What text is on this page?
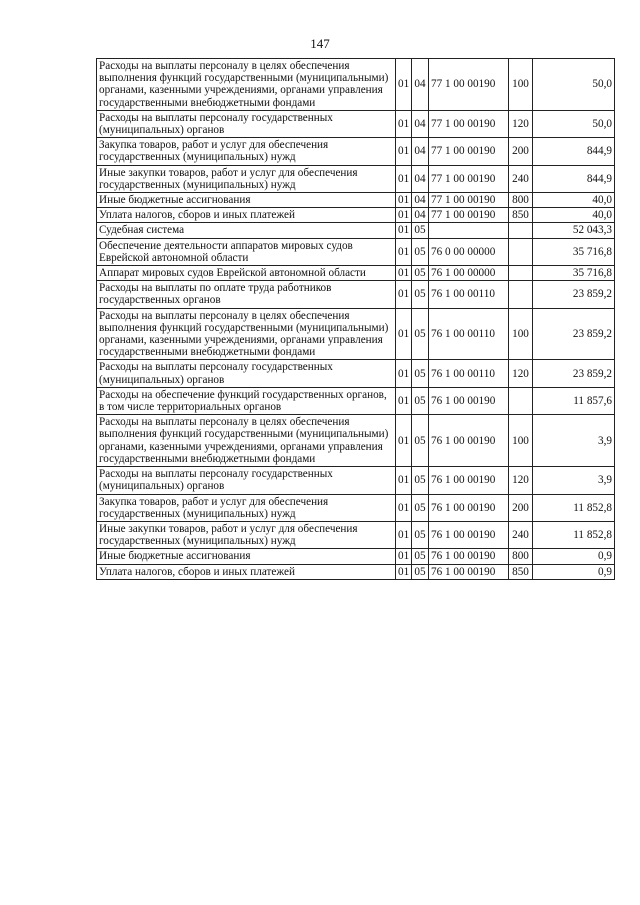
147
Расходы на выплаты персоналу в целях обеспечения выполнения функций государственными (муниципальными) органами, казенными учреждениями, органами управления государственными внебюджетными фондами	01	04	77 1 00 00190	100	50,0
Расходы на выплаты персоналу государственных (муниципальных) органов	01	04	77 1 00 00190	120	50,0
Закупка товаров, работ и услуг для обеспечения государственных (муниципальных) нужд	01	04	77 1 00 00190	200	844,9
Иные закупки товаров, работ и услуг для обеспечения государственных (муниципальных) нужд	01	04	77 1 00 00190	240	844,9
Иные бюджетные ассигнования	01	04	77 1 00 00190	800	40,0
Уплата налогов, сборов и иных платежей	01	04	77 1 00 00190	850	40,0
Судебная система	01	05			52 043,3
Обеспечение деятельности аппаратов мировых судов Еврейской автономной области	01	05	76 0 00 00000		35 716,8
Аппарат мировых судов Еврейской автономной области	01	05	76 1 00 00000		35 716,8
Расходы на выплаты по оплате труда работников государственных органов	01	05	76 1 00 00110		23 859,2
Расходы на выплаты персоналу в целях обеспечения выполнения функций государственными (муниципальными) органами, казенными учреждениями, органами управления государственными внебюджетными фондами	01	05	76 1 00 00110	100	23 859,2
Расходы на выплаты персоналу государственных (муниципальных) органов	01	05	76 1 00 00110	120	23 859,2
Расходы на обеспечение функций государственных органов, в том числе территориальных органов	01	05	76 1 00 00190		11 857,6
Расходы на выплаты персоналу в целях обеспечения выполнения функций государственными (муниципальными) органами, казенными учреждениями, органами управления государственными внебюджетными фондами	01	05	76 1 00 00190	100	3,9
Расходы на выплаты персоналу государственных (муниципальных) органов	01	05	76 1 00 00190	120	3,9
Закупка товаров, работ и услуг для обеспечения государственных (муниципальных) нужд	01	05	76 1 00 00190	200	11 852,8
Иные закупки товаров, работ и услуг для обеспечения государственных (муниципальных) нужд	01	05	76 1 00 00190	240	11 852,8
Иные бюджетные ассигнования	01	05	76 1 00 00190	800	0,9
Уплата налогов, сборов и иных платежей	01	05	76 1 00 00190	850	0,9
